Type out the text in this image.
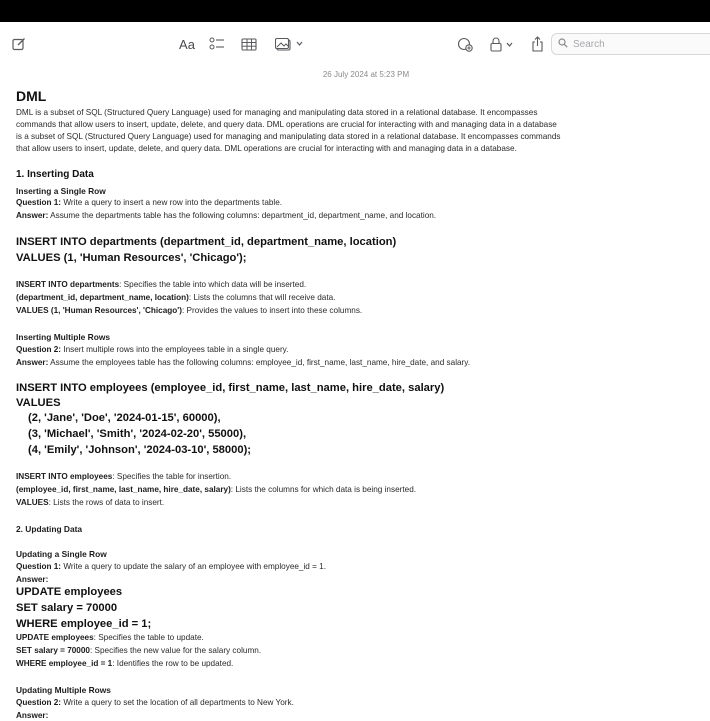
Aa	Search
26 July 2024 at 5:23 PM
DML
DML is a subset of SQL (Structured Query Language) used for managing and manipulating data stored in a relational database. It encompasses
commands that allow users to insert, update, delete, and query data. DML operations are crucial for interacting with and managing data in a database
is a subset of SQL (Structured Query Language) used for managing and manipulating data stored in a relational database. It encompasses commands
that allow users to insert, update, delete, and query data. DML operations are crucial for interacting with and managing data in a database.
1. Inserting Data
Inserting a Single Row
Question 1: Write a query to insert a new row into the departments table.
Answer: Assume the departments table has the following columns: department_id, department_name, and location.
INSERT INTO departments (department_id, department_name, location)
VALUES (1, 'Human Resources', 'Chicago');
INSERT INTO departments: Specifies the table into which data will be inserted.
(department_id, department_name, location): Lists the columns that will receive data.
VALUES (1, 'Human Resources', 'Chicago'): Provides the values to insert into these columns.
Inserting Multiple Rows
Question 2: Insert multiple rows into the employees table in a single query.
Answer: Assume the employees table has the following columns: employee_id, first_name, last_name, hire_date, and salary.
INSERT INTO employees (employee_id, first_name, last_name, hire_date, salary)
VALUES
(2, 'Jane', 'Doe', '2024-01-15', 60000),
(3, 'Michael', 'Smith', '2024-02-20', 55000),
(4, 'Emily', 'Johnson', '2024-03-10', 58000);
INSERT INTO employees: Specifies the table for insertion.
(employee_id, first_name, last_name, hire_date, salary): Lists the columns for which data is being inserted.
VALUES: Lists the rows of data to insert.
2. Updating Data
Updating a Single Row
Question 1: Write a query to update the salary of an employee with employee_id = 1.
Answer:
UPDATE employees
SET salary = 70000
WHERE employee_id = 1;
UPDATE employees: Specifies the table to update.
SET salary = 70000: Specifies the new value for the salary column.
WHERE employee_id = 1: Identifies the row to be updated.
Updating Multiple Rows
Question 2: Write a query to set the location of all departments to New York.
Answer:
